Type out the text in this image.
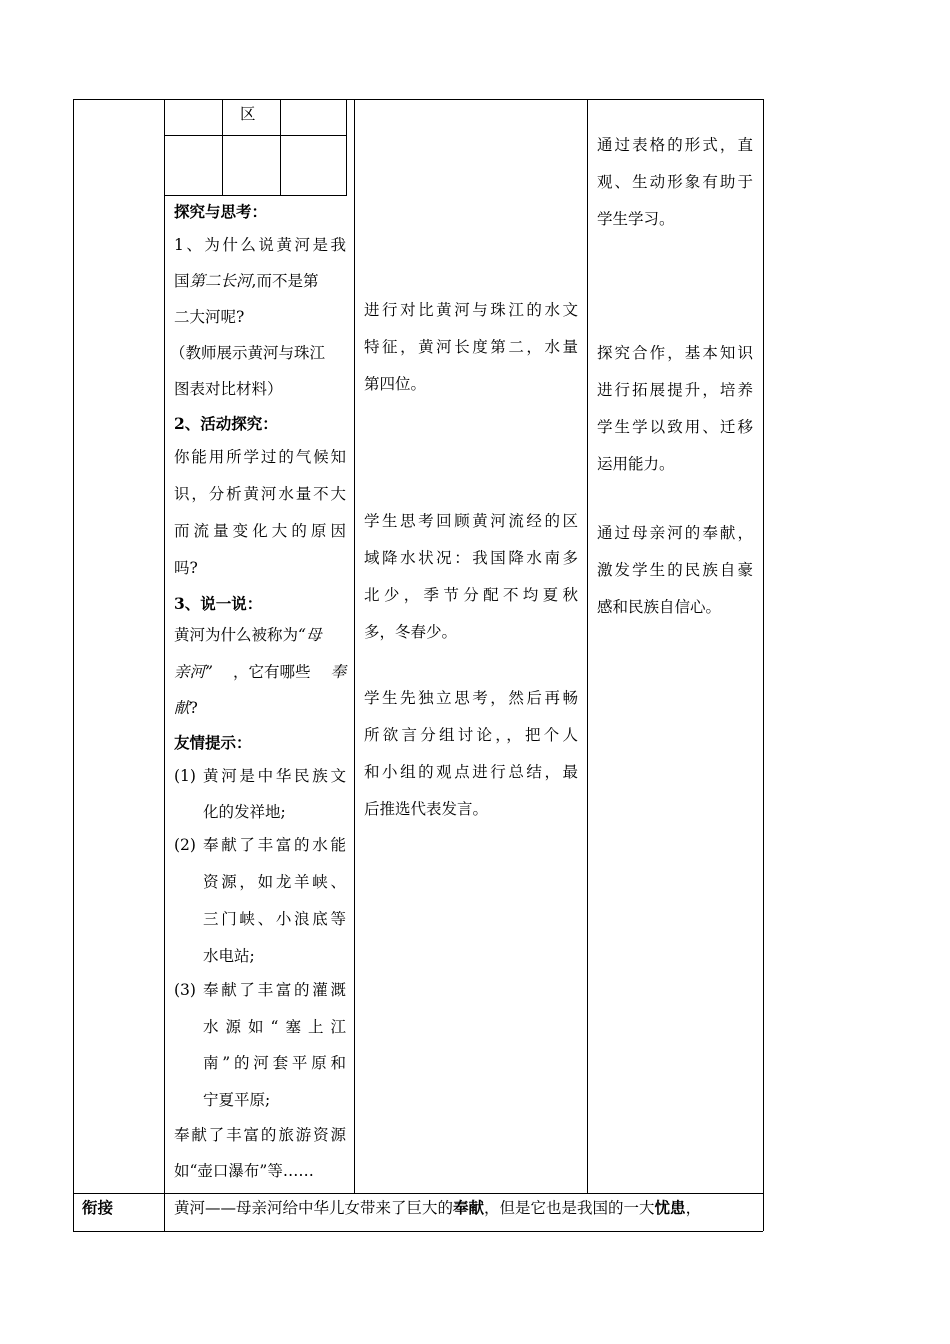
区
探究与思考：
1、为什么说黄河是我
国第二长河,而不是第
二大河呢?
（教师展示黄河与珠江
图表对比材料）
2、活动探究：
你能用所学过的气候知
识，分析黄河水量不大
而流量变化大的原因
吗?
3、说一说：
黄河为什么被称为“母
亲河” ，它有哪些 奉
献?
友情提示：
(1) 黄河是中华民族文
化的发祥地;
(2) 奉献了丰富的水能
资源，如龙羊峡、
三门峡、小浪底等
水电站;
(3) 奉献了丰富的灌溉
水源如“塞上江
南”的河套平原和
宁夏平原;
奉献了丰富的旅游资源
如“壶口瀑布”等……
进行对比黄河与珠江的水文
特征，黄河长度第二，水量
第四位。
学生思考回顾黄河流经的区
域降水状况：我国降水南多
北少，季节分配不均夏秋
多，冬春少。
学生先独立思考，然后再畅
所欲言分组讨论，，把个人
和小组的观点进行总结，最
后推选代表发言。
通过表格的形式，直
观、生动形象有助于
学生学习。
探究合作，基本知识
进行拓展提升，培养
学生学以致用、迁移
运用能力。
通过母亲河的奉献，
激发学生的民族自豪
感和民族自信心。
衔接	黄河——母亲河给中华儿女带来了巨大的奉献，但是它也是我国的一大忧患，
